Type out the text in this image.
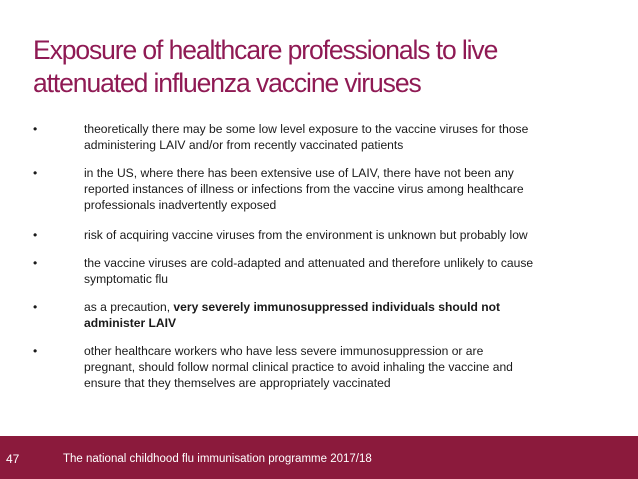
Exposure of healthcare professionals to live
attenuated influenza vaccine viruses
•	theoretically there may be some low level exposure to the vaccine viruses for those
administering LAIV and/or from recently vaccinated patients
•	in the US, where there has been extensive use of LAIV, there have not been any
reported instances of illness or infections from the vaccine virus among healthcare
professionals inadvertently exposed
•	risk of acquiring vaccine viruses from the environment is unknown but probably low
•	the vaccine viruses are cold-adapted and attenuated and therefore unlikely to cause
symptomatic flu
•	as a precaution, very severely immunosuppressed individuals should not
administer LAIV
•	other healthcare workers who have less severe immunosuppression or are
pregnant, should follow normal clinical practice to avoid inhaling the vaccine and
ensure that they themselves are appropriately vaccinated
47	The national childhood flu immunisation programme 2017/18
